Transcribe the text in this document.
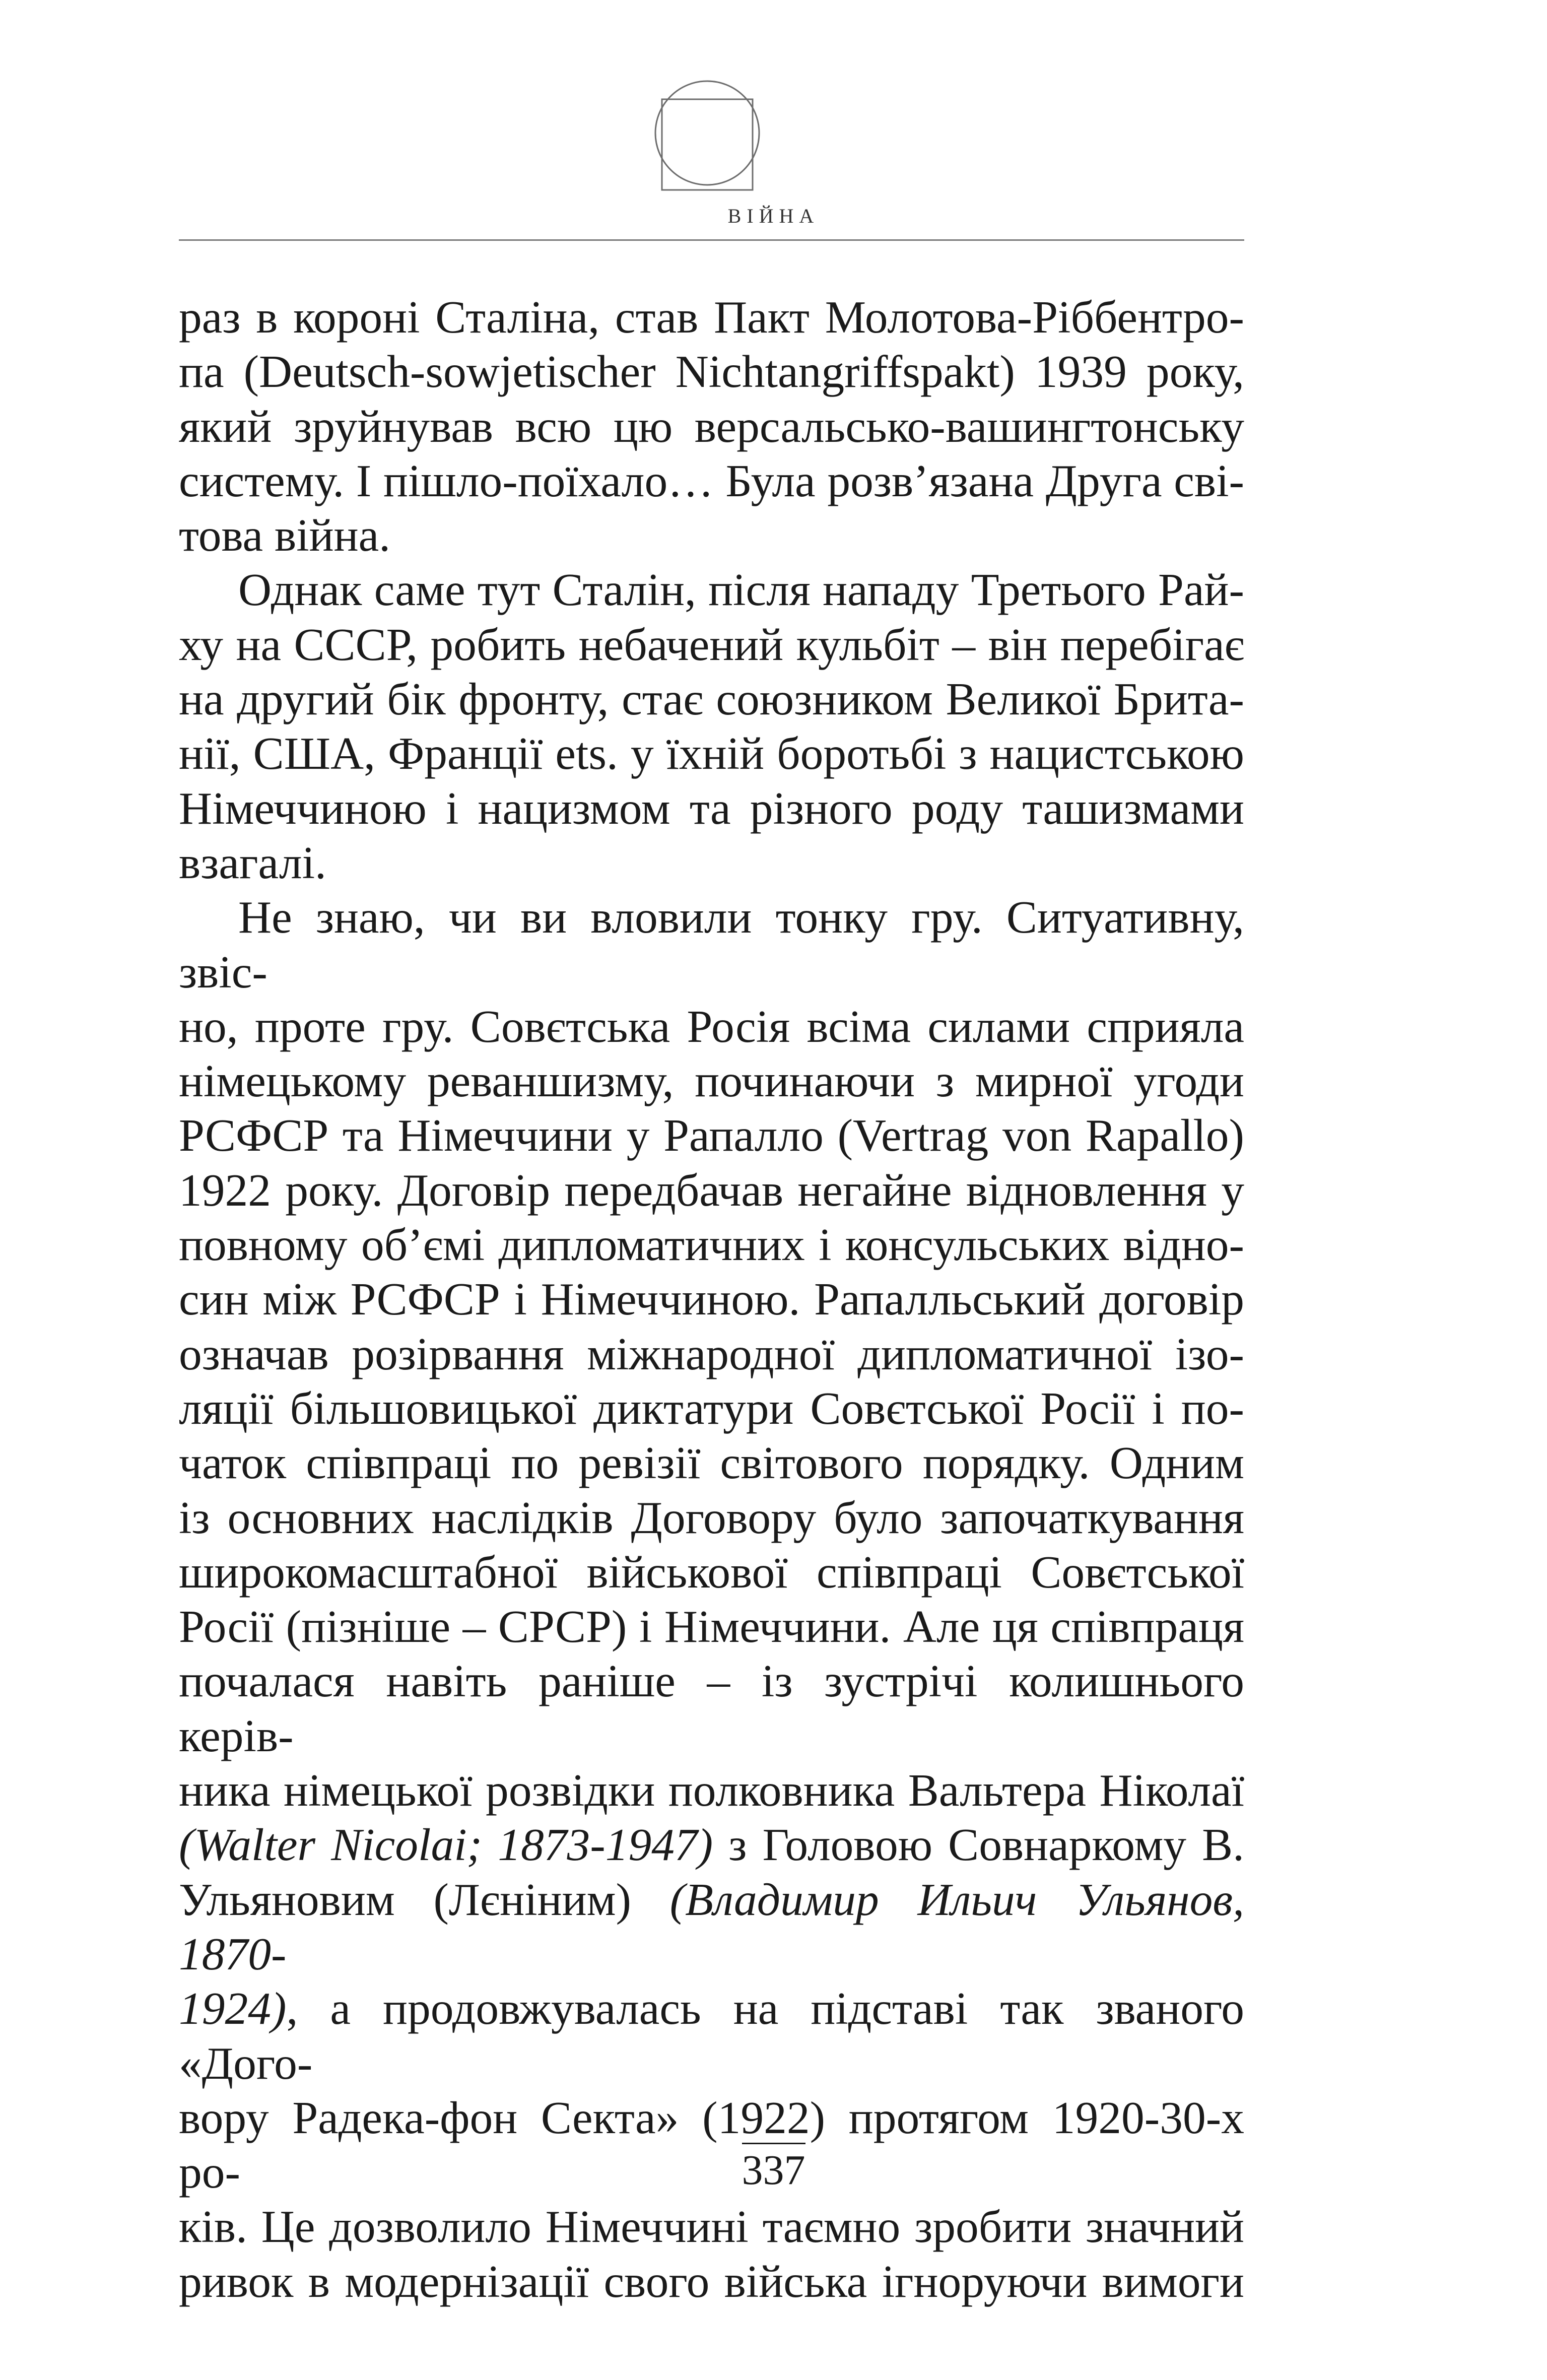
ВІЙНА

раз в короні Сталіна, став Пакт Молотова-Ріббентро-

па (Deutsch-sowjetischer Nichtangriffspakt) 1939 року,

який зруйнував всю цю версальсько-вашингтонську

систему. І пішло-поїхало… Була розв’язана Друга сві-

това війна.

Однак саме тут Сталін, після нападу Третього Рай-

ху на СССР, робить небачений кульбіт – він перебігає

на другий бік фронту, стає союзником Великої Брита-

нії, США, Франції ets. у їхній боротьбі з нацистською

Німеччиною і нацизмом та різного роду ташизмами

взагалі.

Не знаю, чи ви вловили тонку гру. Ситуативну, звіс-

но, проте гру. Совєтська Росія всіма силами сприяла

німецькому реваншизму, починаючи з мирної угоди

РСФСР та Німеччини у Рапалло (Vertrag von Rapallo)

1922 року. Договір передбачав негайне відновлення у

повному об’ємі дипломатичних і консульських відно-

син між РСФСР і Німеччиною. Рапалльський договір

означав розірвання міжнародної дипломатичної ізо-

ляції більшовицької диктатури Совєтської Росії і по-

чаток співпраці по ревізії світового порядку. Одним

із основних наслідків Договору було започаткування

широкомасштабної військової співпраці Совєтської

Росії (пізніше – СРСР) і Німеччини. Але ця співпраця

почалася навіть раніше – із зустрічі колишнього керів-

ника німецької розвідки полковника Вальтера Ніколаї

(Walter Nicolai; 1873-1947) з Головою Совнаркому В.

Ульяновим (Лєніним) (Владимир Ильич Ульянов, 1870-

1924), а продовжувалась на підставі так званого «Дого-

вору Радека-фон Секта» (1922) протягом 1920-30-х ро-

ків. Це дозволило Німеччині таємно зробити значний

ривок в модернізації свого війська ігноруючи вимоги

337
